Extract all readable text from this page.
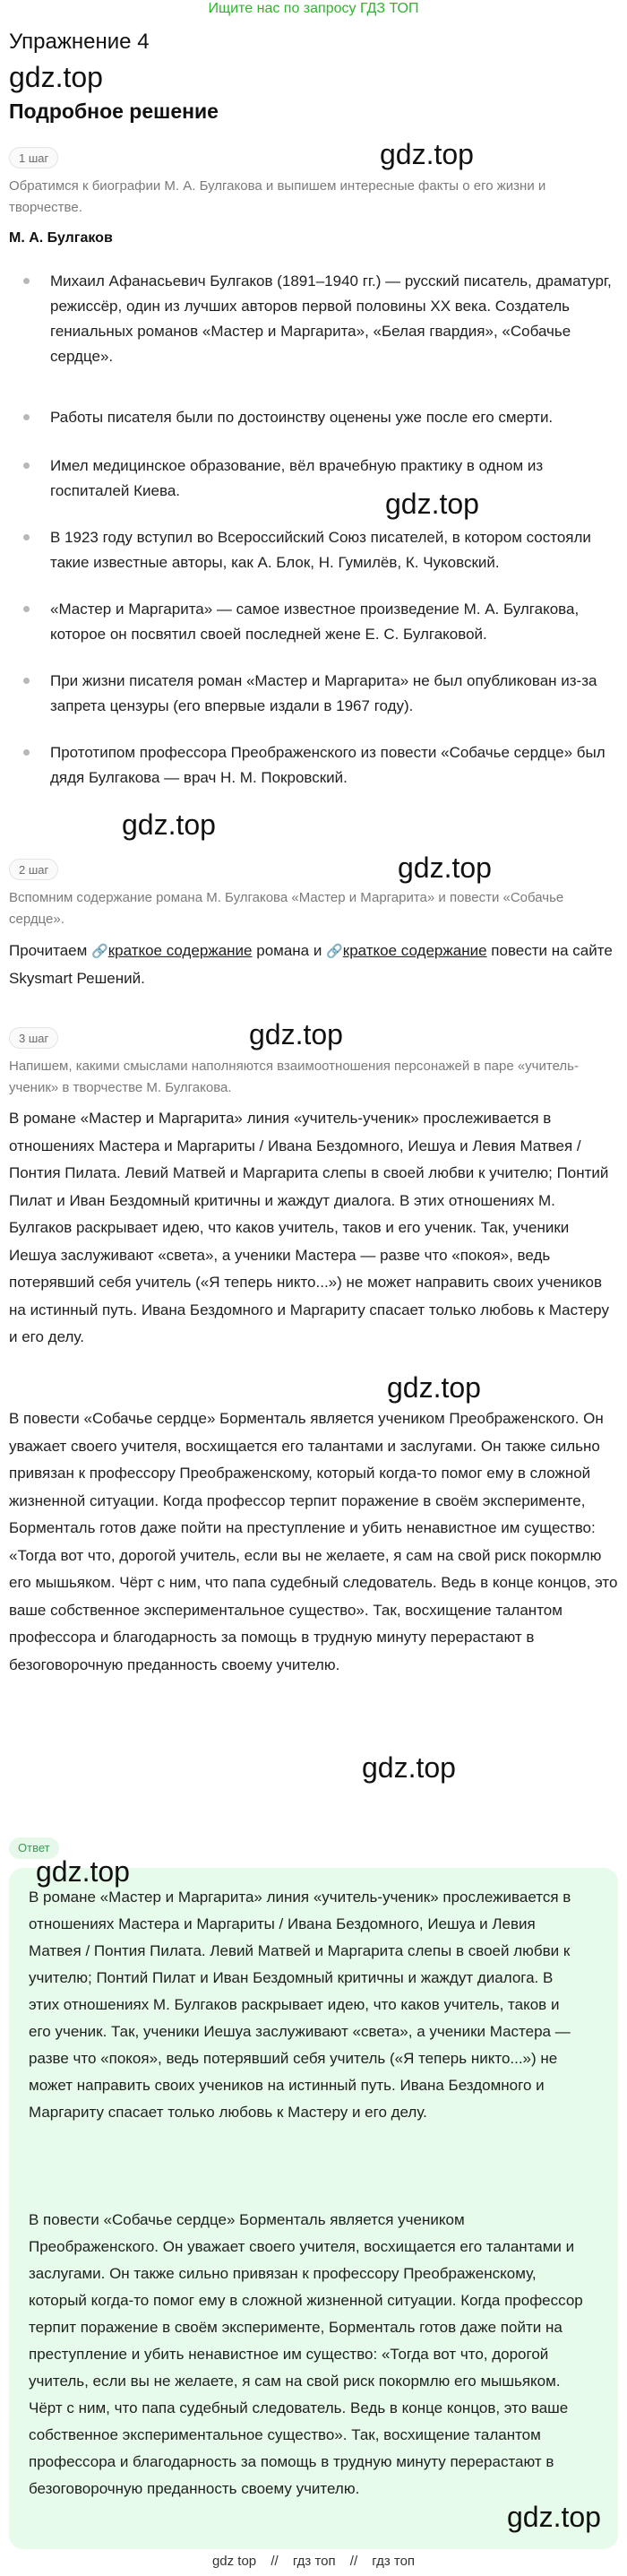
Ищите нас по запросу ГДЗ ТОП
Упражнение 4
gdz.top
Подробное решение
gdz.top
gdz.top
gdz.top
gdz.top
gdz.top
gdz.top
gdz.top
1 шаг
Обратимся к биографии М. А. Булгакова и выпишем интересные факты о его жизни и творчестве.
М. А. Булгаков
Михаил Афанасьевич Булгаков (1891–1940 гг.) — русский писатель, драматург, режиссёр, один из лучших авторов первой половины XX века. Создатель гениальных романов «Мастер и Маргарита», «Белая гвардия», «Собачье сердце».
Работы писателя были по достоинству оценены уже после его смерти.
Имел медицинское образование, вёл врачебную практику в одном из госпиталей Киева.
В 1923 году вступил во Всероссийский Союз писателей, в котором состояли такие известные авторы, как А. Блок, Н. Гумилёв, К. Чуковский.
«Мастер и Маргарита» — самое известное произведение М. А. Булгакова, которое он посвятил своей последней жене Е. С. Булгаковой.
При жизни писателя роман «Мастер и Маргарита» не был опубликован из-за запрета цензуры (его впервые издали в 1967 году).
Прототипом профессора Преображенского из повести «Собачье сердце» был дядя Булгакова — врач Н. М. Покровский.
2 шаг
Вспомним содержание романа М. Булгакова «Мастер и Маргарита» и повести «Собачье сердце».
Прочитаем 🔗краткое содержание романа и 🔗краткое содержание повести на сайте Skysmart Решений.
3 шаг
Напишем, какими смыслами наполняются взаимоотношения персонажей в паре «учитель-ученик» в творчестве М. Булгакова.
В романе «Мастер и Маргарита» линия «учитель-ученик» прослеживается в отношениях Мастера и Маргариты / Ивана Бездомного, Иешуа и Левия Матвея / Понтия Пилата. Левий Матвей и Маргарита слепы в своей любви к учителю; Понтий Пилат и Иван Бездомный критичны и жаждут диалога. В этих отношениях М. Булгаков раскрывает идею, что каков учитель, таков и его ученик. Так, ученики Иешуа заслуживают «света», а ученики Мастера — разве что «покоя», ведь потерявший себя учитель («Я теперь никто...») не может направить своих учеников на истинный путь. Ивана Бездомного и Маргариту спасает только любовь к Мастеру и его делу.
В повести «Собачье сердце» Борменталь является учеником Преображенского. Он уважает своего учителя, восхищается его талантами и заслугами. Он также сильно привязан к профессору Преображенскому, который когда-то помог ему в сложной жизненной ситуации. Когда профессор терпит поражение в своём эксперименте, Борменталь готов даже пойти на преступление и убить ненавистное им существо: «Тогда вот что, дорогой учитель, если вы не желаете, я сам на свой риск покормлю его мышьяком. Чёрт с ним, что папа судебный следователь. Ведь в конце концов, это ваше собственное экспериментальное существо». Так, восхищение талантом профессора и благодарность за помощь в трудную минуту перерастают в безоговорочную преданность своему учителю.
Ответ
gdz.top
В романе «Мастер и Маргарита» линия «учитель-ученик» прослеживается в отношениях Мастера и Маргариты / Ивана Бездомного, Иешуа и Левия Матвея / Понтия Пилата. Левий Матвей и Маргарита слепы в своей любви к учителю; Понтий Пилат и Иван Бездомный критичны и жаждут диалога. В этих отношениях М. Булгаков раскрывает идею, что каков учитель, таков и его ученик. Так, ученики Иешуа заслуживают «света», а ученики Мастера — разве что «покоя», ведь потерявший себя учитель («Я теперь никто...») не может направить своих учеников на истинный путь. Ивана Бездомного и Маргариту спасает только любовь к Мастеру и его делу.
В повести «Собачье сердце» Борменталь является учеником Преображенского. Он уважает своего учителя, восхищается его талантами и заслугами. Он также сильно привязан к профессору Преображенскому, который когда-то помог ему в сложной жизненной ситуации. Когда профессор терпит поражение в своём эксперименте, Борменталь готов даже пойти на преступление и убить ненавистное им существо: «Тогда вот что, дорогой учитель, если вы не желаете, я сам на свой риск покормлю его мышьяком. Чёрт с ним, что папа судебный следователь. Ведь в конце концов, это ваше собственное экспериментальное существо». Так, восхищение талантом профессора и благодарность за помощь в трудную минуту перерастают в безоговорочную преданность своему учителю.
gdz.top
gdz top // гдз топ // гдз топ
